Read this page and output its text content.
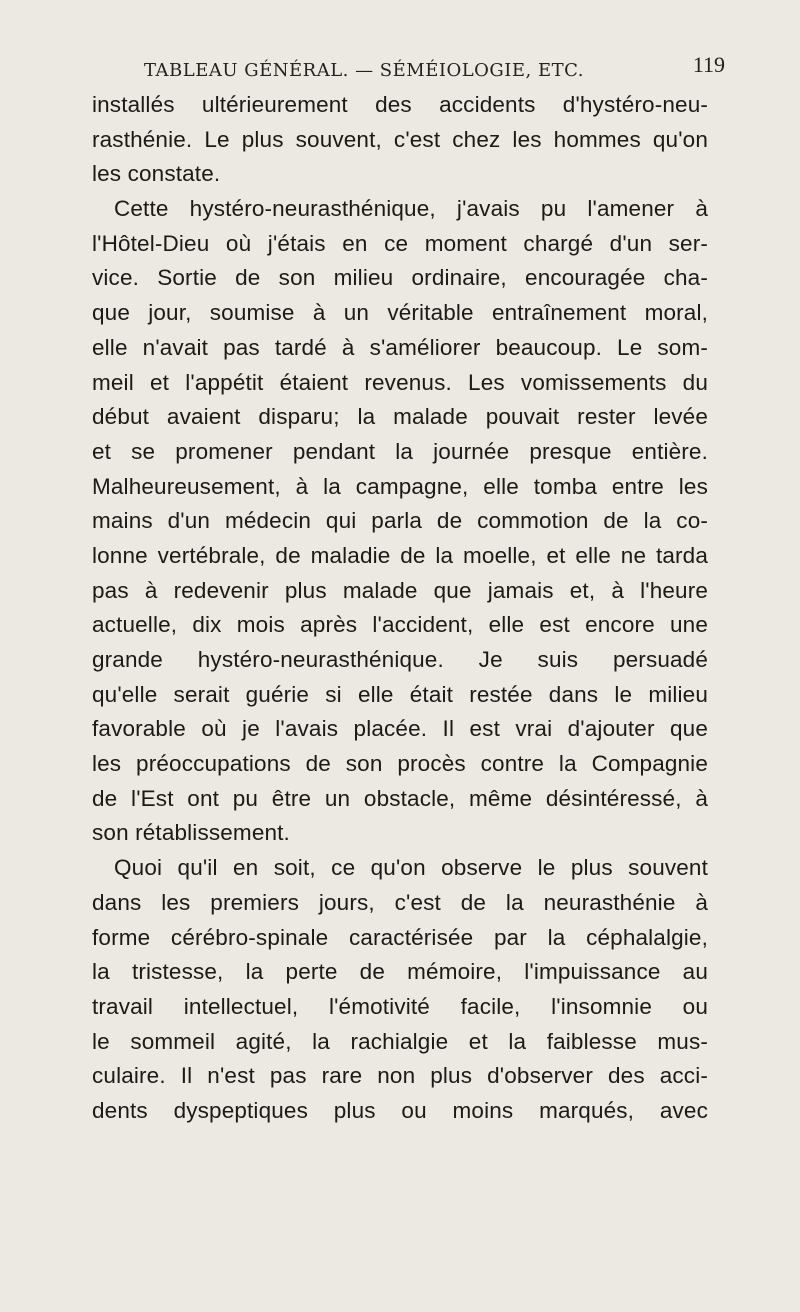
TABLEAU GÉNÉRAL. — SÉMÉIOLOGIE, ETC.	119
installés ultérieurement des accidents d'hystéro-neu-
rasthénie. Le plus souvent, c'est chez les hommes qu'on
les constate.
Cette hystéro-neurasthénique, j'avais pu l'amener à
l'Hôtel-Dieu où j'étais en ce moment chargé d'un ser-
vice. Sortie de son milieu ordinaire, encouragée cha-
que jour, soumise à un véritable entraînement moral,
elle n'avait pas tardé à s'améliorer beaucoup. Le som-
meil et l'appétit étaient revenus. Les vomissements du
début avaient disparu; la malade pouvait rester levée
et se promener pendant la journée presque entière.
Malheureusement, à la campagne, elle tomba entre les
mains d'un médecin qui parla de commotion de la co-
lonne vertébrale, de maladie de la moelle, et elle ne tarda
pas à redevenir plus malade que jamais et, à l'heure
actuelle, dix mois après l'accident, elle est encore une
grande hystéro-neurasthénique. Je suis persuadé
qu'elle serait guérie si elle était restée dans le milieu
favorable où je l'avais placée. Il est vrai d'ajouter que
les préoccupations de son procès contre la Compagnie
de l'Est ont pu être un obstacle, même désintéressé, à
son rétablissement.
Quoi qu'il en soit, ce qu'on observe le plus souvent
dans les premiers jours, c'est de la neurasthénie à
forme cérébro-spinale caractérisée par la céphalalgie,
la tristesse, la perte de mémoire, l'impuissance au
travail intellectuel, l'émotivité facile, l'insomnie ou
le sommeil agité, la rachialgie et la faiblesse mus-
culaire. Il n'est pas rare non plus d'observer des acci-
dents dyspeptiques plus ou moins marqués, avec
